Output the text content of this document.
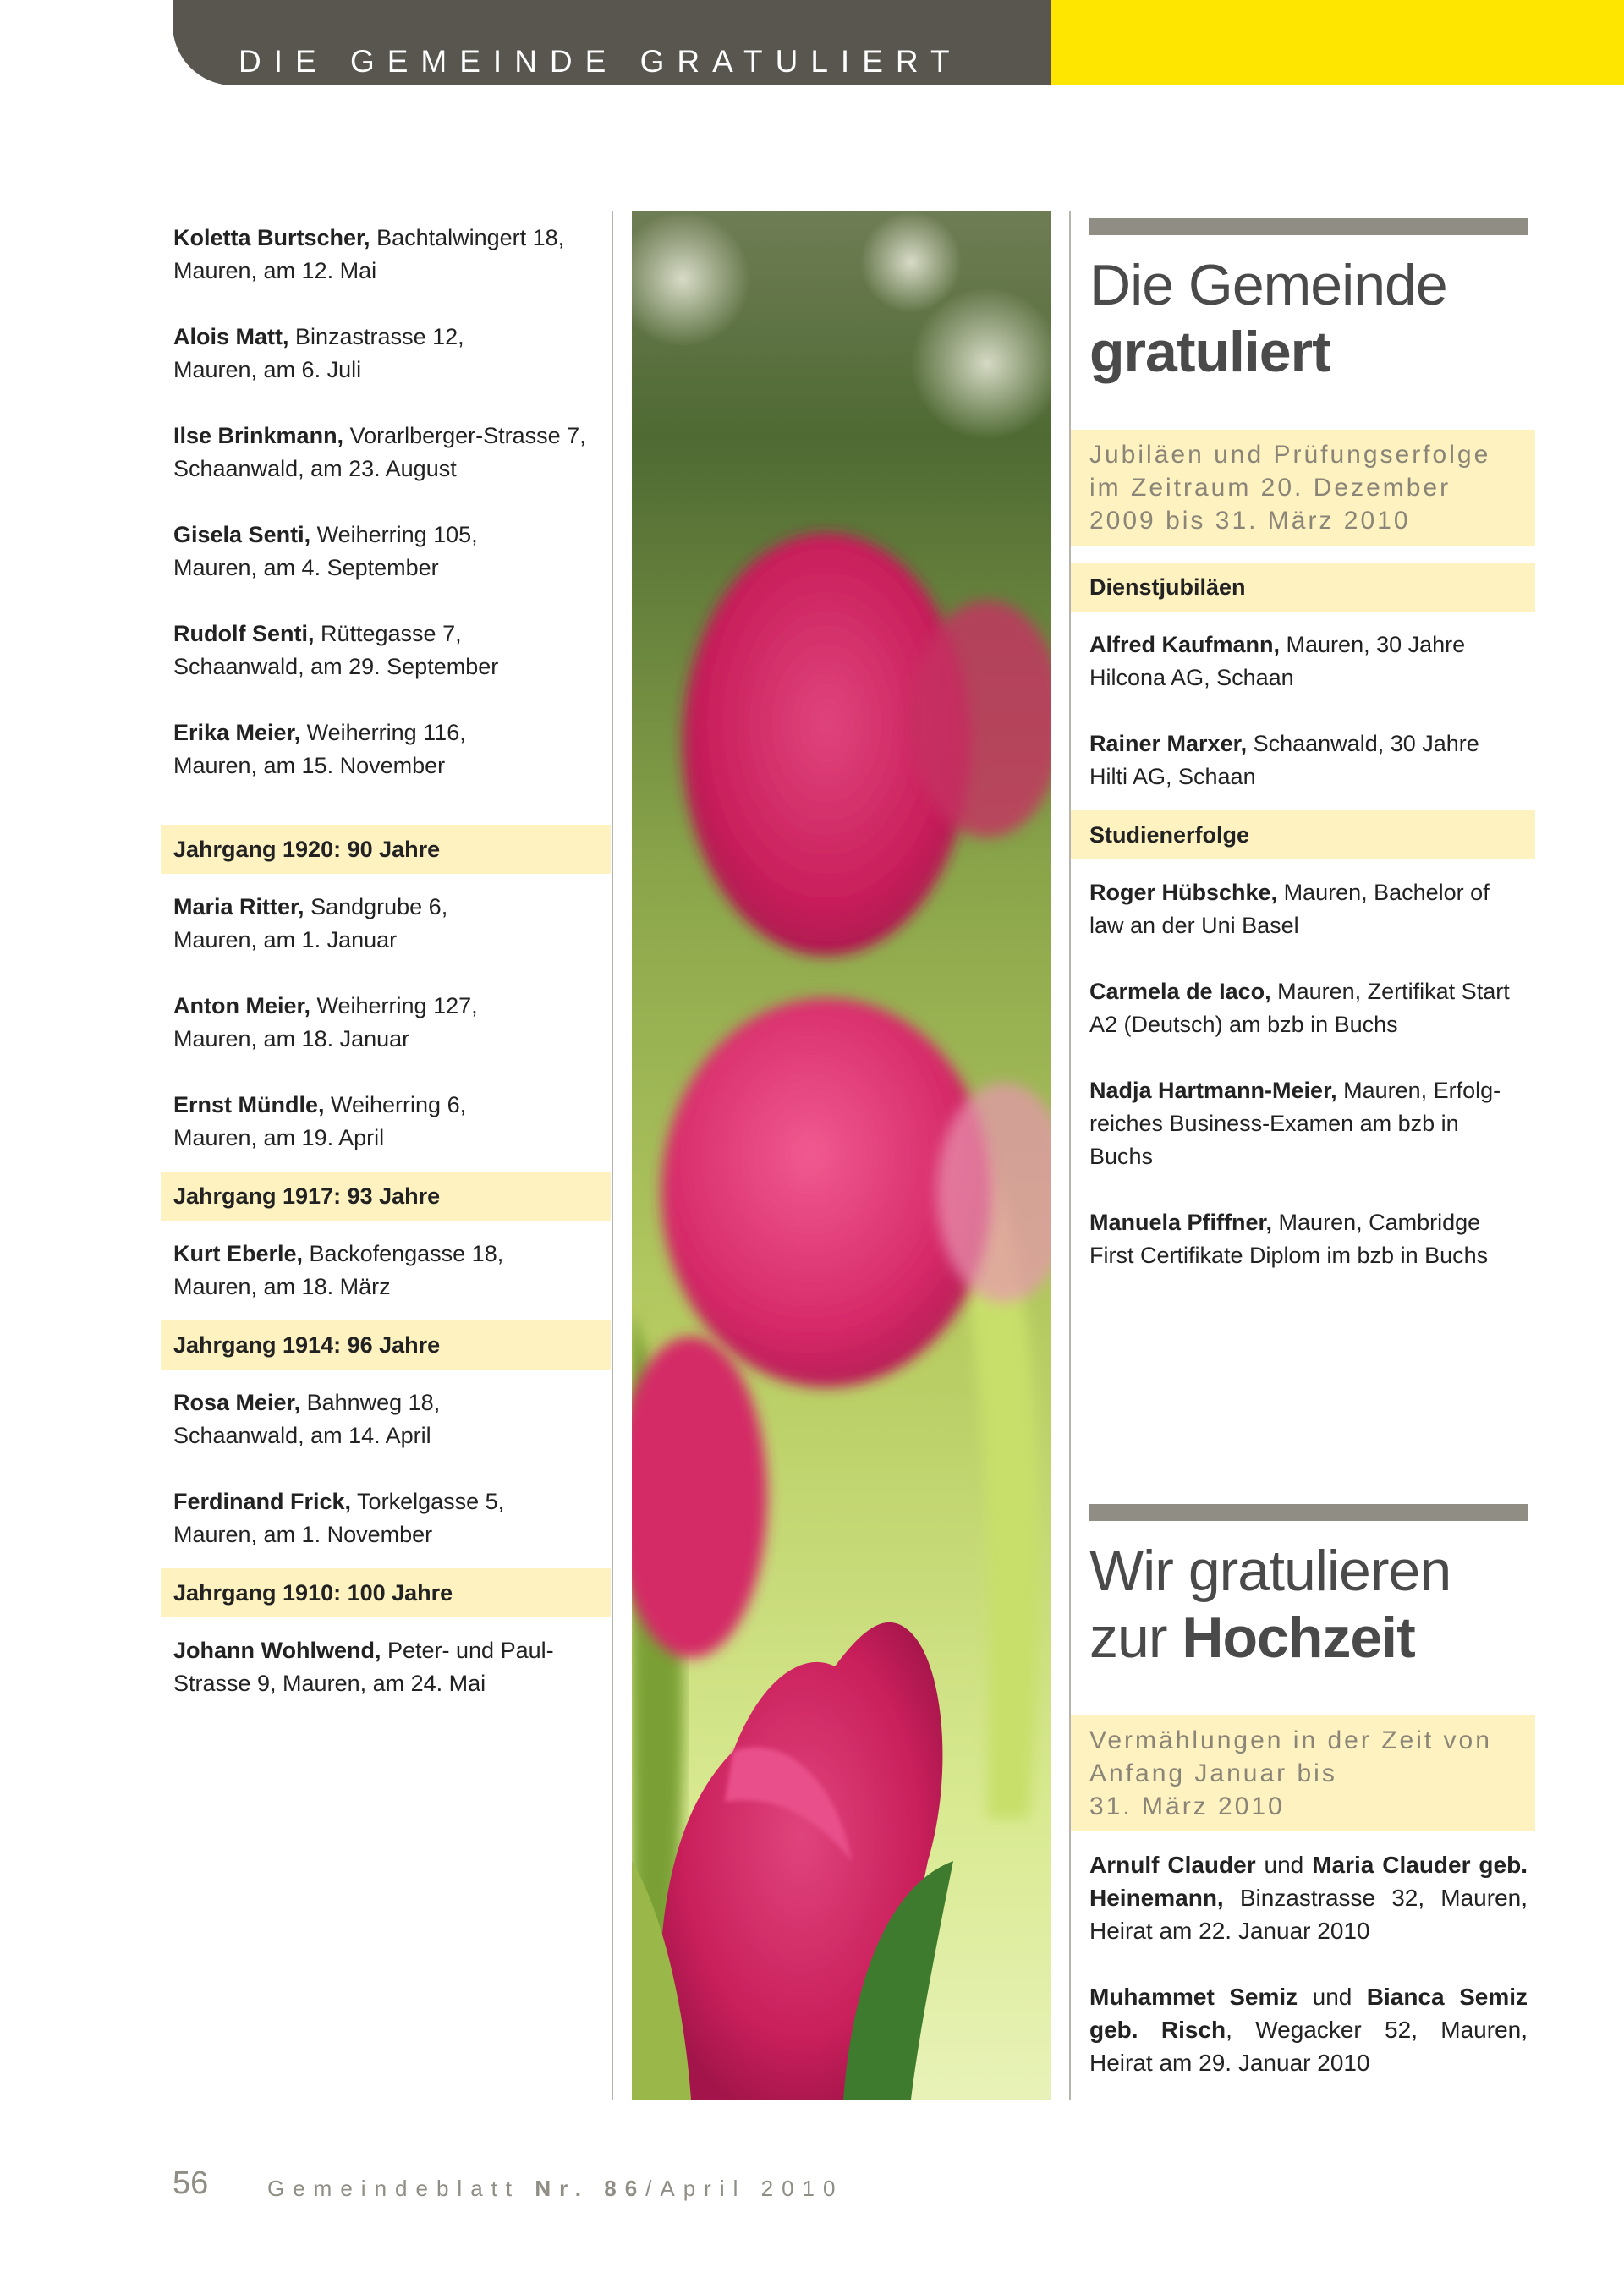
DIE GEMEINDE GRATULIERT
Koletta Burtscher, Bachtalwingert 18,
Mauren, am 12. Mai
Alois Matt, Binzastrasse 12,
Mauren, am 6. Juli
Ilse Brinkmann, Vorarlberger-Strasse 7,
Schaanwald, am 23. August
Gisela Senti, Weiherring 105,
Mauren, am 4. September
Rudolf Senti, Rüttegasse 7,
Schaanwald, am 29. September
Erika Meier, Weiherring 116,
Mauren, am 15. November
Jahrgang 1920: 90 Jahre
Maria Ritter, Sandgrube 6,
Mauren, am 1. Januar
Anton Meier, Weiherring 127,
Mauren, am 18. Januar
Ernst Mündle, Weiherring 6,
Mauren, am 19. April
Jahrgang 1917: 93 Jahre
Kurt Eberle, Backofengasse 18,
Mauren, am 18. März
Jahrgang 1914: 96 Jahre
Rosa Meier, Bahnweg 18,
Schaanwald, am 14. April
Ferdinand Frick, Torkelgasse 5,
Mauren, am 1. November
Jahrgang 1910: 100 Jahre
Johann Wohlwend, Peter- und Paul-
Strasse 9, Mauren, am 24. Mai
Die Gemeinde
gratuliert
Jubiläen und Prüfungserfolge im Zeitraum 20. Dezember 2009 bis 31. März 2010
Dienstjubiläen
Alfred Kaufmann, Mauren, 30 Jahre
Hilcona AG, Schaan
Rainer Marxer, Schaanwald, 30 Jahre
Hilti AG, Schaan
Studienerfolge
Roger Hübschke, Mauren, Bachelor of
law an der Uni Basel
Carmela de Iaco, Mauren, Zertifikat Start
A2 (Deutsch) am bzb in Buchs
Nadja Hartmann-Meier, Mauren, Erfolg-
reiches Business-Examen am bzb in Buchs
Manuela Pfiffner, Mauren, Cambridge
First Certifikate Diplom im bzb in Buchs
Wir gratulieren
zur Hochzeit
Vermählungen in der Zeit von
Anfang Januar bis
31. März 2010
Arnulf Clauder und Maria Clauder geb. Heinemann, Binzastrasse 32, Mauren, Heirat am 22. Januar 2010
Muhammet Semiz und Bianca Semiz geb. Risch, Wegacker 52, Mauren, Heirat am 29. Januar 2010
56	Gemeindeblatt Nr. 86/April 2010
